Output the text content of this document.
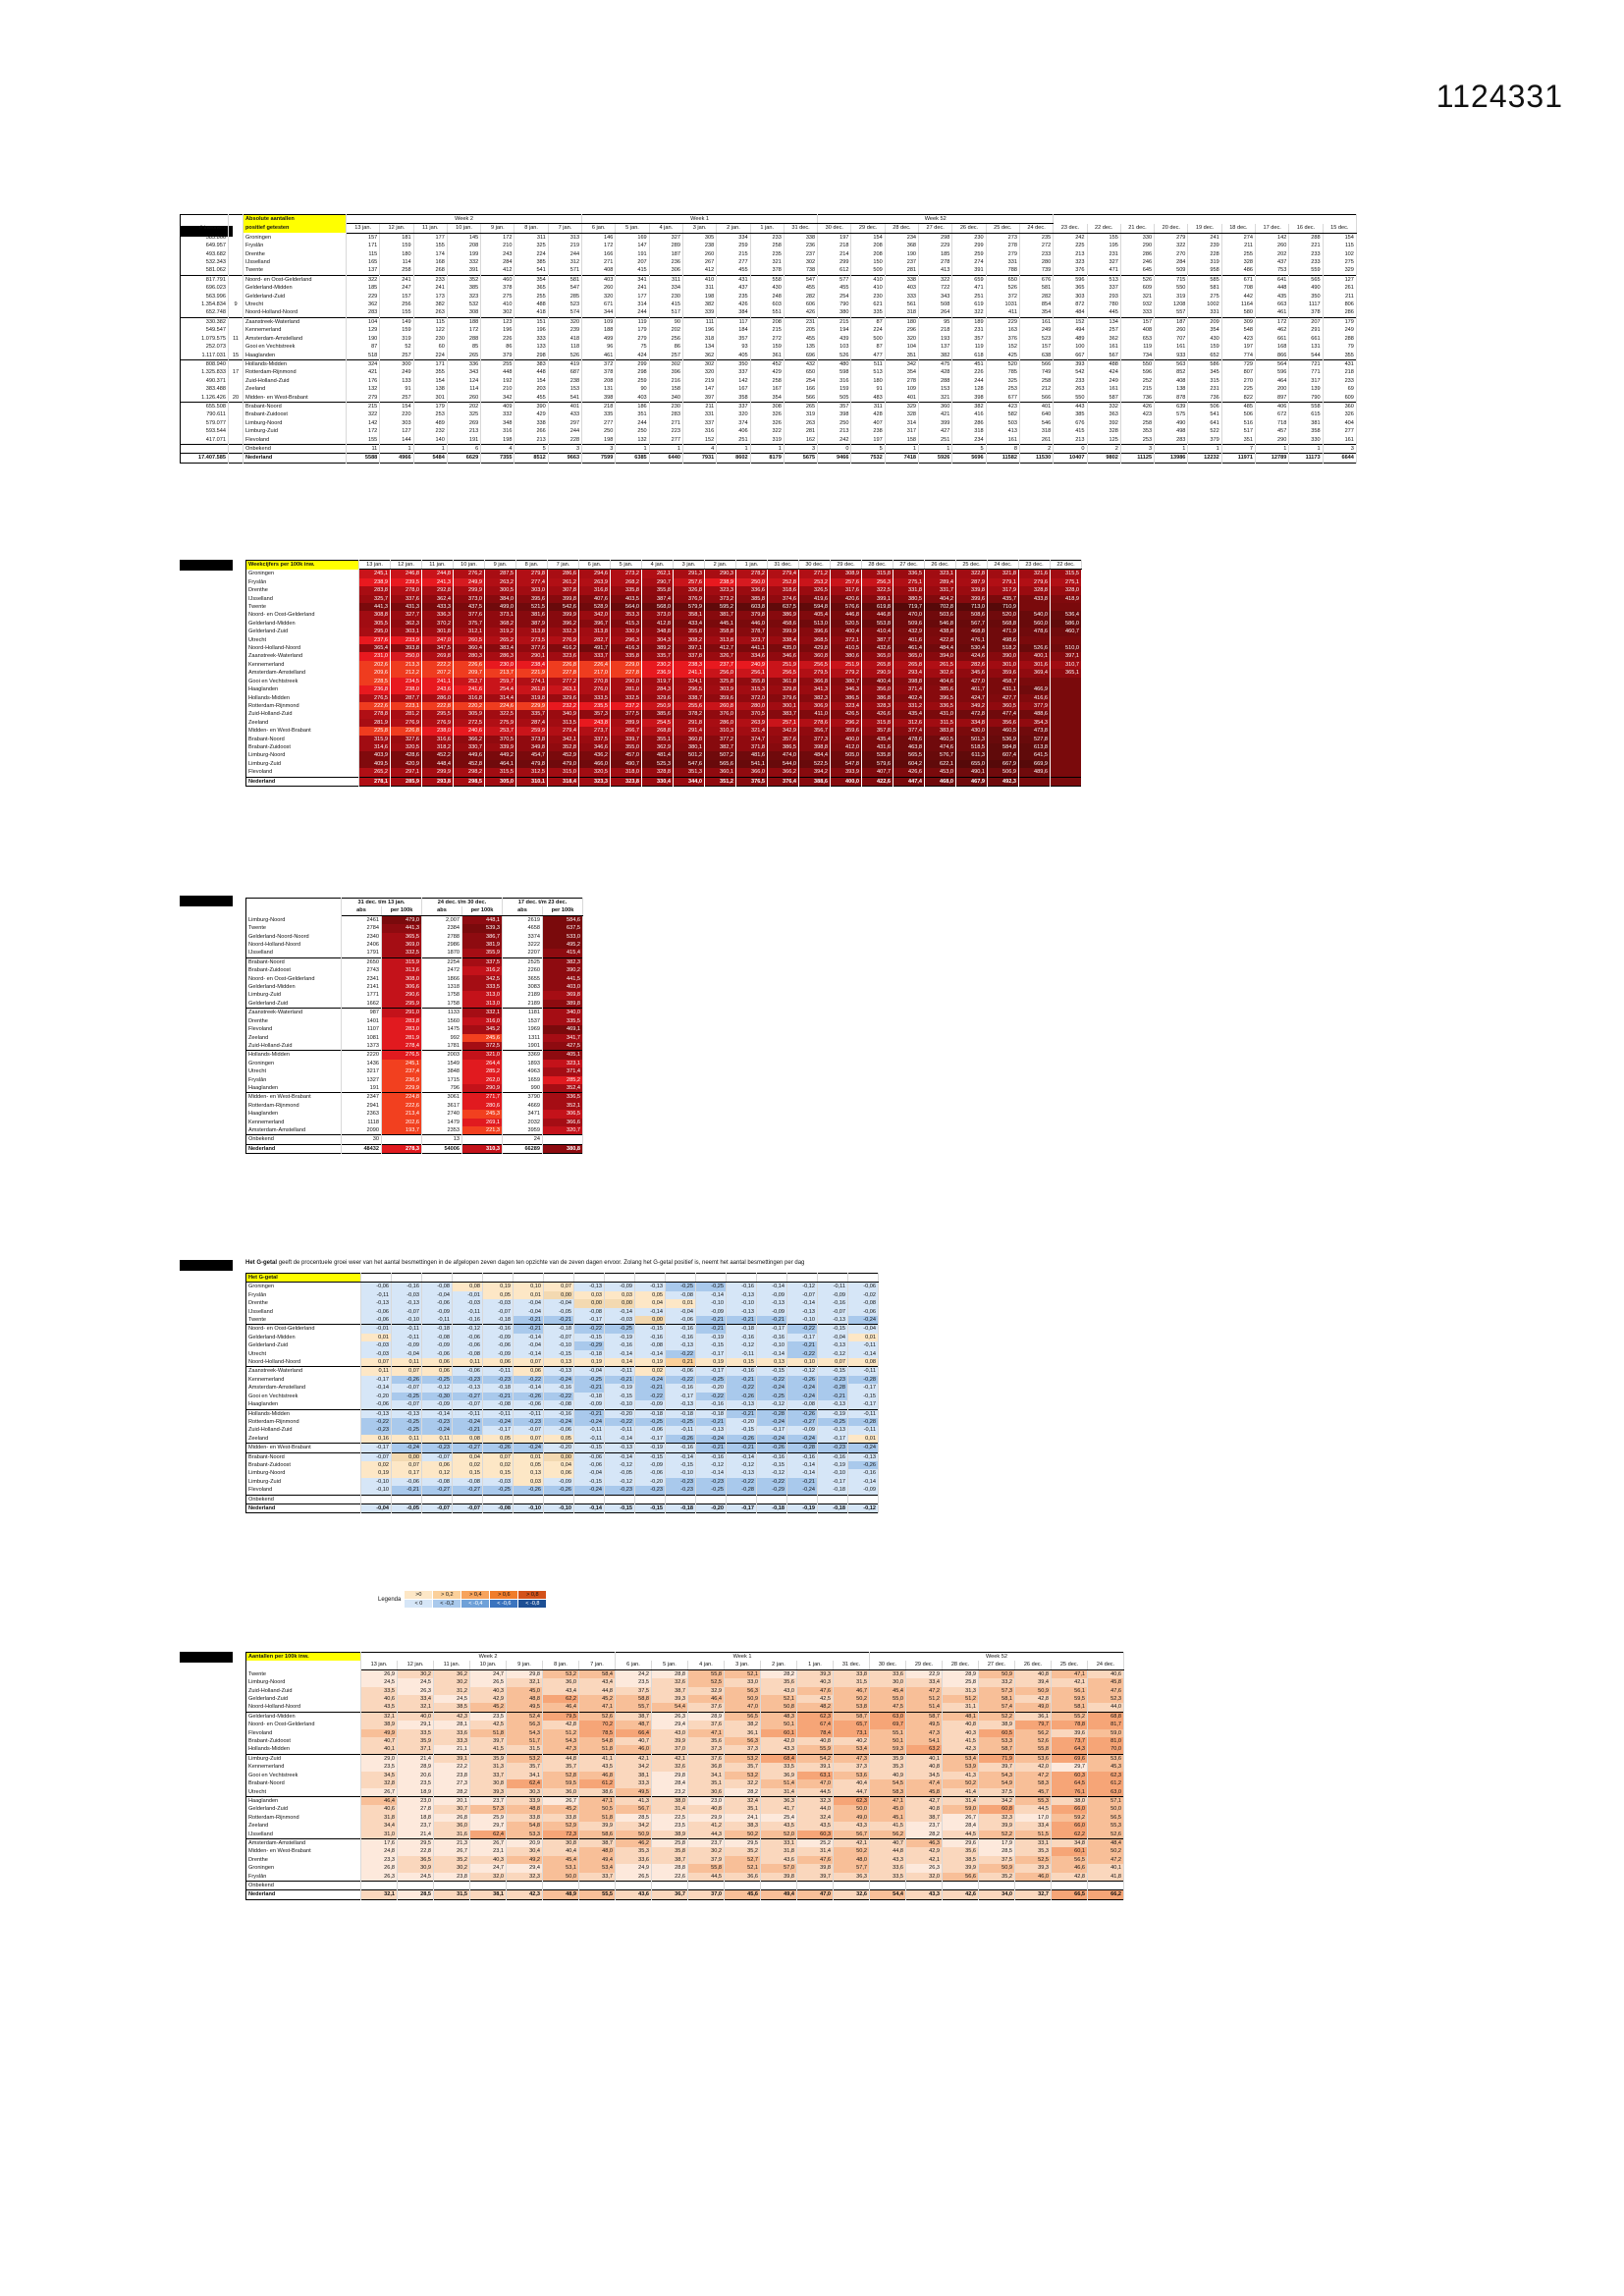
1124331
		Absolute aantallen	Week 2							Week 1							Week 52															
# inwoners		positief getesten	13 jan.	12 jan.	11 jan.	10 jan.	9 jan.	8 jan.	7 jan.	6 jan.	5 jan.	4 jan.	3 jan.	2 jan.	1 jan.	31 dec.	30 dec.	29 dec.	28 dec.	27 dec.	26 dec.	25 dec.	24 dec.	23 dec.	22 dec.	21 dec.	20 dec.	19 dec.	18 dec.	17 dec.	16 dec.	15 dec.
585.866		Groningen	157	181	177	145	172	311	313	146	169	327	305	334	233	338	197	154	234	298	230	273	235	242	155	330	279	241	274	142	288	154
649.957		Fryslân	171	159	155	208	210	325	219	172	147	289	238	259	258	236	218	208	368	229	299	278	272	225	195	290	322	239	211	260	221	115
493.682		Drenthe	115	180	174	199	243	224	244	166	191	187	260	215	235	237	214	208	190	185	259	279	233	213	231	286	270	228	255	202	233	102
532.343		IJsselland	165	114	168	332	284	385	312	271	207	236	267	277	321	302	299	150	237	278	274	331	280	323	327	246	284	319	328	437	233	275
581.062		Twente	137	258	268	391	412	541	571	408	415	306	412	455	378	738	612	509	281	413	391	788	739	376	471	645	509	958	486	753	559	329
817.791		Noord- en Oost-Gelderland	322	241	233	352	460	354	581	403	341	311	410	431	558	547	577	410	338	322	659	650	676	596	513	526	715	585	671	641	565	127
696.023		Gelderland-Midden	185	247	241	385	378	365	547	260	241	334	311	437	430	455	455	410	403	722	471	526	581	365	337	609	550	581	708	448	490	261
563.996		Gelderland-Zuid	229	157	173	323	275	255	285	320	177	230	198	235	248	282	254	230	333	343	251	372	282	303	293	321	319	275	442	435	350	211
1.354.834	9	Utrecht	362	256	382	532	410	488	523	671	314	415	382	426	603	606	790	621	561	508	619	1031	854	872	780	932	1208	1002	1164	663	1117	806
652.748		Noord-Holland-Noord	283	155	263	308	302	418	574	344	244	517	339	384	551	426	380	335	318	264	322	411	354	484	445	333	557	331	580	461	378	286
330.382		Zaanstreek-Waterland	104	149	115	188	123	151	320	109	119	90	111	117	208	231	215	87	180	95	189	229	161	152	134	157	187	209	309	172	207	179
549.547		Kennemerland	129	159	122	172	196	196	239	188	179	202	196	184	215	205	194	224	296	218	231	163	249	494	257	408	260	354	548	462	291	249
1.079.575	11	Amsterdam-Amstelland	190	319	230	288	226	333	418	499	279	256	318	357	272	455	439	500	320	193	357	376	523	489	362	653	707	430	423	661	661	288
252.073		Gooi en Vechtstreek	87	52	60	85	86	133	118	96	75	86	134	93	159	135	103	87	104	137	119	152	157	100	161	119	161	159	197	168	131	79
1.117.031	15	Haaglanden	518	257	224	265	379	298	526	461	424	257	362	405	361	696	526	477	351	382	618	425	638	667	567	734	933	652	774	866	544	355
808.940		Hollands-Midden	324	300	171	336	255	383	419	372	299	302	302	350	452	432	480	511	342	475	451	520	566	393	488	550	563	586	729	564	721	431
1.325.833	17	Rotterdam-Rijnmond	421	249	355	343	448	448	687	378	298	396	320	337	429	650	598	513	354	428	226	785	749	542	424	596	852	345	807	596	771	218
490.371		Zuid-Holland-Zuid	176	133	154	124	192	154	238	208	259	216	219	142	258	254	316	180	278	288	244	325	258	233	249	252	408	315	270	464	317	233
383.488		Zeeland	132	91	138	114	210	203	153	131	90	158	147	167	167	166	159	91	109	153	128	253	212	263	161	215	138	231	225	200	139	69
1.126.426	20	Midden- en West-Brabant	279	257	301	260	342	455	541	398	403	340	397	358	354	566	505	483	401	321	398	677	566	550	587	736	878	736	822	897	790	609
655.508		Brabant-Noord	215	154	179	202	409	390	401	218	186	230	211	337	308	265	357	311	329	360	382	423	401	443	332	426	639	506	485	406	558	360
790.611		Brabant-Zuidoost	322	220	253	325	332	429	433	335	351	283	331	320	326	319	398	428	328	421	416	582	640	385	363	423	575	541	506	672	615	326
579.077		Limburg-Noord	142	303	489	269	348	338	297	277	244	271	337	374	326	263	250	407	314	399	286	503	546	676	392	258	490	641	516	718	381	404
593.544		Limburg-Zuid	172	127	232	213	316	266	244	250	250	223	316	406	322	281	213	238	317	427	318	413	318	415	328	353	498	522	517	457	358	277
417.071		Flevoland	155	144	140	191	198	213	228	198	132	277	152	251	319	162	242	197	158	251	234	161	261	213	125	253	283	379	351	290	330	161
		Onbekend	11	1	1	6	4	5	3	3	1	1	4	1	1	3	0	5	1	1	5	8	2	0	2	3	1	1	7	1	1	3
17.407.585		Nederland	5588	4966	5484	6629	7355	8512	9663	7599	6385	6440	7931	8602	8179	5675	9466	7532	7418	5926	5696	11582	11530	10407	9802	11125	13986	12232	11971	12789	11173	6644
Weekcijfers per 100k inw.	13 jan.	12 jan.	11 jan.	10 jan.	9 jan.	8 jan.	7 jan.	6 jan.	5 jan.	4 jan.	3 jan.	2 jan.	1 jan.	31 dec.	30 dec.	29 dec.	28 dec.	27 dec.	26 dec.	25 dec.	24 dec.	23 dec.	22 dec.
Groningen	245,1	246,8	244,8	276,2	287,5	279,8	286,6	294,6	273,2	262,1	291,3	290,3	278,2	279,4	271,2	308,9	315,8	336,5	323,1	322,8	321,8	321,6	315,5
Fryslân	238,9	239,5	241,3	249,9	263,2	277,4	261,2	263,9	268,2	290,7	257,6	238,9	250,0	252,8	253,2	257,6	256,3	275,1	289,4	287,9	279,1	279,6	275,1
Drenthe	283,8	278,0	292,8	299,9	300,5	303,0	307,8	316,8	335,8	355,8	326,8	323,3	336,6	318,6	326,5	317,6	322,5	331,8	331,7	339,8	317,9	328,8	328,0
IJsselland	325,7	337,6	362,4	373,0	384,0	395,6	399,8	407,6	403,5	387,4	376,9	373,2	385,8	374,6	419,6	420,6	399,1	380,5	404,2	399,6	435,7	433,8	418,9
Twente	441,3	431,3	433,3	437,5	499,0	521,5	542,6	528,9	564,0	568,0	579,9	595,2	603,8	637,5	594,8	576,6	619,8	719,7	702,8	713,0	710,9		
Noord- en Oost-Gelderland	308,8	327,7	336,3	377,6	373,1	381,6	399,9	342,0	353,3	373,0	358,1	381,7	379,8	386,9	405,4	446,8	446,8	470,0	503,6	508,6	520,0	540,0	536,4
Gelderland-Midden	305,5	362,3	370,2	375,7	368,2	387,9	396,2	396,7	415,3	412,8	433,4	445,1	446,0	458,6	513,0	520,5	553,8	509,6	546,8	567,7	568,8	560,0	586,0
Gelderland-Zuid	295,0	303,1	301,8	312,1	319,2	313,8	332,3	313,8	330,9	348,8	355,8	358,8	378,7	399,9	396,6	400,4	410,4	432,9	438,8	468,8	471,9	478,6	460,7
Utrecht	237,6	233,9	247,0	260,5	265,2	273,5	276,9	282,7	296,3	304,3	308,2	313,8	323,7	338,4	368,5	372,1	387,7	401,6	422,8	476,1	498,6		
Noord-Holland-Noord	365,4	393,8	347,5	360,4	383,4	377,6	416,2	491,7	416,3	389,2	397,1	412,7	441,1	435,0	429,8	410,5	432,6	461,4	484,4	530,4	518,2	526,6	510,0
Zaanstreek-Waterland	231,0	250,0	269,8	280,3	286,3	290,1	323,6	333,7	335,8	335,7	337,8	326,7	334,6	346,6	360,8	380,6	365,0	365,0	394,0	424,6	390,0	400,1	397,1
Kennemerland	202,6	213,3	222,2	226,6	230,0	238,4	226,8	226,4	229,0	230,2	238,3	237,7	240,9	251,9	256,5	251,9	265,8	265,8	261,5	282,6	301,0	301,6	310,7
Amsterdam-Amstelland	209,6	212,2	207,2	209,7	213,7	221,9	227,8	217,0	227,8	236,9	241,1	256,0	256,1	256,5	279,5	279,2	290,9	293,4	302,6	345,6	359,6	369,4	365,1
Gooi en Vechtstreek	228,5	234,5	241,1	252,7	259,7	274,1	277,2	270,8	290,0	319,7	324,1	325,8	355,8	361,8	366,8	380,7	400,4	398,8	404,6	427,0	458,7		
Haaglanden	236,8	238,0	243,6	241,6	254,4	261,8	263,1	276,0	281,0	284,3	296,5	303,9	315,3	329,8	341,3	346,3	356,0	371,4	385,6	401,7	431,1	466,9	
Hollands-Midden	276,5	287,7	286,0	316,8	314,4	319,8	329,6	333,5	332,5	329,6	338,7	359,6	372,0	379,6	382,3	386,5	386,8	402,4	396,5	424,7	427,7	416,6	
Rotterdam-Rijnmond	222,6	223,1	222,8	220,2	224,6	229,9	232,2	235,5	237,2	250,9	255,6	260,8	280,0	300,1	306,9	323,4	328,3	331,2	336,5	349,2	360,5	377,9	
Zuid-Holland-Zuid	278,8	281,2	295,5	305,9	322,5	335,7	340,9	357,3	377,5	385,6	378,2	376,0	370,5	383,7	411,0	426,5	426,6	435,4	431,0	472,8	477,4	488,6	
Zeeland	281,9	276,9	276,9	272,5	275,9	287,4	313,5	243,8	289,9	254,5	291,8	286,0	263,9	257,1	278,6	296,2	315,8	312,6	311,5	334,8	356,6	354,3	
Midden- en West-Brabant	225,8	226,8	238,0	240,6	253,7	259,9	279,4	273,7	266,7	268,8	291,4	310,3	321,4	342,9	356,7	359,6	357,8	377,4	383,8	430,0	460,5	473,8	
Brabant-Noord	315,9	327,6	316,6	366,2	370,5	373,8	342,1	337,5	339,7	355,1	360,8	377,2	374,7	357,6	377,3	400,0	435,4	478,6	460,5	501,3	536,9	527,8	
Brabant-Zuidoost	314,6	320,5	318,2	330,7	339,9	349,8	352,8	346,6	355,0	362,9	380,1	382,7	371,8	386,5	398,8	412,0	431,6	463,8	474,6	518,5	584,8	613,8	
Limburg-Noord	403,9	428,6	452,2	449,6	449,2	454,7	452,9	436,2	457,0	481,4	501,2	507,2	481,6	474,0	484,4	505,0	535,8	565,5	576,7	611,3	607,4	641,5	
Limburg-Zuid	409,5	420,9	448,4	452,8	464,1	479,8	479,0	466,0	490,7	525,3	547,6	565,6	541,1	544,0	522,5	547,8	579,6	604,2	622,1	655,0	667,9	669,9	
Flevoland	265,2	297,1	299,9	298,2	315,5	312,5	315,0	320,5	318,0	328,8	351,3	360,1	366,0	366,2	394,2	393,9	407,7	426,6	453,0	490,1	506,9	489,6	
Nederland	278,1	285,9	293,8	298,5	305,0	310,1	318,4	323,3	323,8	330,4	344,0	351,2	376,5	376,4	388,6	400,0	422,6	447,4	468,0	467,9	492,3		
	31 dec. t/m 13 jan.		24 dec. t/m 30 dec.		17 dec. t/m 23 dec.	
	abs	per 100k	abs	per 100k	abs	per 100k
Limburg-Noord	2461	479,0	2,007	448,1	2619	584,6
Twente	2784	441,3	2384	539,3	4658	637,5
Gelderland-Noord-Noord	2340	365,5	2788	386,7	3374	533,0
Noord-Holland-Noord	2406	369,0	2986	381,9	3222	495,2
IJsselland	1791	332,5	1870	355,9	2207	415,4
Brabant-Noord	2650	315,9	2254	337,5	2525	382,3
Brabant-Zuidoost	2743	313,6	2472	316,2	2260	390,2
Noord- en Oost-Gelderland	2341	308,0	1866	342,5	3655	441,5
Gelderland-Midden	2141	306,6	1318	333,5	3083	403,0
Limburg-Zuid	1771	290,6	1758	313,0	2189	369,8
Gelderland-Zuid	1662	295,9	1758	313,0	2189	389,8
Zaanstreek-Waterland	987	291,0	1133	332,1	1181	340,0
Drenthe	1401	283,8	1560	316,0	1537	335,5
Flevoland	1107	283,0	1475	345,2	1969	469,1
Zeeland	1081	281,9	992	245,6	1311	341,7
Zuid-Holland-Zuid	1373	278,4	1781	372,5	1901	427,5
Hollands-Midden	2220	276,5	2003	321,0	3369	405,1
Groningen	1436	245,1	1549	264,4	1893	323,1
Utrecht	3217	237,4	3848	285,2	4963	371,4
Fryslân	1327	236,9	1715	262,0	1659	285,2
Haaglanden	191	229,9	796	290,9	990	352,4
Midden- en West-Brabant	2347	224,8	3061	271,7	3790	336,5
Rotterdam-Rijnmond	2941	222,6	3617	280,6	4669	352,1
Haaglanden	2363	213,4	2740	245,3	3471	306,5
Kennemerland	1118	202,6	1479	269,1	2032	366,6
Amsterdam-Amstelland	2090	193,7	2353	221,3	3959	320,7
Onbekend	30		13		24	
Nederland	48432	278,3	54006	310,3	66289	380,8
Het G-getal geeft de procentuele groei weer van het aantal besmettingen in de afgelopen zeven dagen ten opzichte van de zeven dagen ervoor. Zolang het G-getal positief is, neemt het aantal besmettingen per dag
Het G-getal																	
Groningen	-0,06	-0,16	-0,08	0,08	0,19	0,10	0,07	-0,13	-0,09	-0,13	-0,25	-0,25	-0,16	-0,14	-0,12	-0,11	-0,06
Fryslân	-0,11	-0,03	-0,04	-0,01	0,05	0,01	0,00	0,03	0,03	0,05	-0,08	-0,14	-0,13	-0,09	-0,07	-0,09	-0,02
Drenthe	-0,13	-0,13	-0,06	-0,03	-0,03	-0,04	-0,04	0,00	0,00	0,04	0,01	-0,10	-0,10	-0,13	-0,14	-0,16	-0,08
IJsselland	-0,06	-0,07	-0,09	-0,11	-0,07	-0,04	-0,05	-0,08	-0,14	-0,14	-0,04	-0,09	-0,13	-0,09	-0,13	-0,07	-0,06
Twente	-0,06	-0,10	-0,11	-0,16	-0,18	-0,21	-0,21	-0,17	-0,03	0,00	-0,06	-0,21	-0,21	-0,21	-0,10	-0,13	-0,24
Noord- en Oost-Gelderland	-0,01	-0,11	-0,18	-0,12	-0,16	-0,21	-0,18	-0,22	-0,25	-0,15	-0,16	-0,21	-0,18	-0,17	-0,22	-0,15	-0,04
Gelderland-Midden	0,01	-0,11	-0,08	-0,06	-0,09	-0,14	-0,07	-0,15	-0,19	-0,16	-0,16	-0,19	-0,16	-0,16	-0,17	-0,04	0,01
Gelderland-Zuid	-0,03	-0,09	-0,09	-0,06	-0,06	-0,04	-0,10	-0,29	-0,16	-0,08	-0,13	-0,15	-0,12	-0,10	-0,21	-0,13	-0,11
Utrecht	-0,03	-0,04	-0,06	-0,08	-0,09	-0,14	-0,15	-0,18	-0,14	-0,14	-0,22	-0,17	-0,11	-0,14	-0,22	-0,12	-0,14
Noord-Holland-Noord	0,07	0,11	0,06	0,11	0,06	0,07	0,13	0,19	0,14	0,19	0,21	0,19	0,15	0,13	0,10	0,07	0,08
Zaanstreek-Waterland	0,11	0,07	0,06	-0,06	-0,11	0,06	-0,13	-0,04	-0,11	0,02	-0,06	-0,17	-0,16	-0,15	-0,12	-0,15	-0,11
Kennemerland	-0,17	-0,26	-0,25	-0,23	-0,23	-0,22	-0,24	-0,25	-0,21	-0,24	-0,22	-0,25	-0,21	-0,22	-0,26	-0,23	-0,28
Amsterdam-Amstelland	-0,14	-0,07	-0,12	-0,13	-0,18	-0,14	-0,16	-0,21	-0,19	-0,21	-0,16	-0,20	-0,22	-0,24	-0,24	-0,28	-0,17
Gooi en Vechtstreek	-0,20	-0,25	-0,30	-0,27	-0,21	-0,26	-0,22	-0,18	-0,15	-0,22	-0,17	-0,22	-0,26	-0,25	-0,24	-0,21	-0,15
Haaglanden	-0,06	-0,07	-0,09	-0,07	-0,08	-0,06	-0,08	-0,09	-0,10	-0,09	-0,13	-0,16	-0,13	-0,12	-0,08	-0,13	-0,17
Hollands-Midden	-0,13	-0,13	-0,14	-0,11	-0,11	-0,11	-0,16	-0,21	-0,20	-0,18	-0,18	-0,18	-0,21	-0,28	-0,26	-0,19	-0,11
Rotterdam-Rijnmond	-0,22	-0,25	-0,23	-0,24	-0,24	-0,23	-0,24	-0,24	-0,22	-0,25	-0,25	-0,21	-0,20	-0,24	-0,27	-0,25	-0,28
Zuid-Holland-Zuid	-0,23	-0,25	-0,24	-0,21	-0,17	-0,07	-0,06	-0,11	-0,11	-0,06	-0,11	-0,13	-0,15	-0,17	-0,09	-0,13	-0,11
Zeeland	0,16	0,11	0,11	0,08	0,05	0,07	0,05	-0,11	-0,14	-0,17	-0,26	-0,24	-0,26	-0,24	-0,24	-0,17	0,01
Midden- en West-Brabant	-0,17	-0,24	-0,23	-0,27	-0,26	-0,24	-0,20	-0,15	-0,13	-0,19	-0,16	-0,21	-0,21	-0,26	-0,28	-0,23	-0,24
Brabant-Noord	-0,07	0,00	-0,07	0,04	0,07	0,01	0,00	-0,06	-0,14	-0,15	-0,14	-0,16	-0,14	-0,16	-0,16	-0,16	-0,13
Brabant-Zuidoost	0,02	0,07	0,06	0,02	0,02	0,05	0,04	-0,06	-0,12	-0,09	-0,15	-0,12	-0,12	-0,15	-0,14	-0,19	-0,26
Limburg-Noord	0,19	0,17	0,12	0,15	0,15	0,13	0,06	-0,04	-0,05	-0,06	-0,10	-0,14	-0,13	-0,12	-0,14	-0,10	-0,16
Limburg-Zuid	-0,10	-0,06	-0,08	-0,08	-0,03	0,03	-0,09	-0,15	-0,12	-0,20	-0,23	-0,23	-0,22	-0,22	-0,21	-0,17	-0,14
Flevoland	-0,10	-0,21	-0,27	-0,27	-0,25	-0,26	-0,26	-0,24	-0,23	-0,23	-0,23	-0,25	-0,28	-0,29	-0,24	-0,18	-0,09
Onbekend																	
Nederland	-0,04	-0,05	-0,07	-0,07	-0,08	-0,10	-0,10	-0,14	-0,15	-0,15	-0,18	-0,20	-0,17	-0,18	-0,19	-0,18	-0,12
Legenda
>0	> 0,2	> 0,4	> 0,6	> 0,8
< 0	< -0,2	< -0,4	< -0,6	< -0,8
Aantallen per 100k inw.	Week 2							Week 1							Week 52						
	13 jan.	12 jan.	11 jan.	10 jan.	9 jan.	8 jan.	7 jan.	6 jan.	5 jan.	4 jan.	3 jan.	2 jan.	1 jan.	31 dec.	30 dec.	29 dec.	28 dec.	27 dec.	26 dec.	25 dec.	24 dec.
Twente	26,9	30,2	36,2	24,7	29,8	53,2	58,4	24,2	28,8	55,8	52,1	28,2	39,3	33,8	33,6	22,9	28,9	50,9	40,8	47,1	40,6
Limburg-Noord	24,5	24,5	30,2	26,5	32,1	36,0	43,4	23,5	32,6	52,5	33,0	35,6	40,3	31,5	30,0	33,4	25,8	33,2	39,4	42,1	45,8
Zuid-Holland-Zuid	33,5	26,3	31,2	40,3	45,0	43,4	44,8	37,5	38,7	32,9	56,3	43,0	47,6	46,7	45,4	47,2	31,3	57,3	50,9	56,1	47,6
Gelderland-Zuid	40,6	33,4	24,5	42,9	48,8	62,2	45,2	58,8	39,3	46,4	50,9	52,1	42,5	50,2	55,0	51,2	51,2	58,1	42,8	59,5	52,3
Noord-Holland-Noord	43,5	32,1	38,5	45,2	49,5	46,4	47,1	55,7	54,4	37,6	47,0	50,8	48,2	53,8	47,5	51,4	31,1	57,4	49,0	58,1	44,0
Gelderland-Midden	32,1	40,0	42,3	23,5	52,4	79,5	52,6	38,7	26,3	28,9	56,5	48,3	62,3	58,7	63,0	58,7	48,1	52,2	36,1	55,2	68,8
Noord- en Oost-Gelderland	38,9	29,1	28,1	42,5	56,3	42,8	70,2	48,7	29,4	37,6	38,2	50,1	67,4	65,7	69,7	49,5	40,8	38,9	79,7	78,8	81,7
Flevoland	49,9	33,5	33,6	51,8	54,3	51,2	78,5	66,4	43,0	47,1	36,1	60,1	78,4	73,1	55,1	47,3	40,3	60,5	56,2	39,6	59,0
Brabant-Zuidoost	40,7	35,9	33,3	39,7	51,7	54,3	54,8	40,7	39,9	35,6	56,3	42,0	40,8	40,2	50,1	54,1	41,5	53,3	52,6	73,7	81,0
Hollands-Midden	40,1	37,1	21,1	41,5	31,5	47,3	51,8	46,0	37,0	37,3	37,3	43,3	55,9	53,4	59,3	63,2	42,3	58,7	55,8	64,3	70,0
Limburg-Zuid	29,0	21,4	39,1	35,9	53,2	44,8	41,1	42,1	42,1	37,6	53,2	68,4	54,2	47,3	35,9	40,1	53,4	71,9	53,6	69,6	53,6
Kennemerland	23,5	28,9	22,2	31,3	35,7	35,7	43,5	34,2	32,6	36,8	35,7	33,5	39,1	37,3	35,3	40,8	53,9	39,7	42,0	29,7	45,3
Gooi en Vechtstreek	34,5	20,6	23,8	33,7	34,1	52,8	46,8	38,1	29,8	34,1	53,2	36,9	63,1	53,6	40,9	34,5	41,3	54,3	47,2	60,3	62,3
Brabant-Noord	32,8	23,5	27,3	30,8	62,4	59,5	61,2	33,3	28,4	35,1	32,2	51,4	47,0	40,4	54,5	47,4	50,2	54,9	58,3	64,5	61,2
Utrecht	26,7	18,9	28,2	39,3	30,3	36,0	38,6	49,5	23,2	30,6	28,2	31,4	44,5	44,7	58,3	45,8	41,4	37,5	45,7	76,1	63,0
Haaglanden	46,4	23,0	20,1	23,7	33,9	26,7	47,1	41,3	38,0	23,0	32,4	36,3	32,3	62,3	47,1	42,7	31,4	34,2	55,3	38,0	57,1
Gelderland-Zuid	40,6	27,8	30,7	57,3	48,8	45,2	50,5	56,7	31,4	40,8	35,1	41,7	44,0	50,0	45,0	40,8	59,0	60,8	44,5	66,0	50,0
Rotterdam-Rijnmond	31,8	18,8	26,8	25,9	33,8	33,8	51,8	28,5	22,5	29,9	24,1	25,4	32,4	49,0	45,1	38,7	26,7	32,3	17,0	59,2	56,5
Zeeland	34,4	23,7	36,0	29,7	54,8	52,9	39,9	34,2	23,5	41,2	38,3	43,5	43,5	43,3	41,5	23,7	28,4	39,9	33,4	66,0	55,3
IJsselland	31,0	21,4	31,6	62,4	53,3	72,3	58,6	50,9	38,9	44,3	50,2	52,0	60,3	56,7	56,2	28,2	44,5	52,2	51,5	62,2	52,6
Amsterdam-Amstelland	17,6	29,5	21,3	26,7	20,9	30,8	38,7	46,2	25,8	23,7	29,5	33,1	25,2	42,1	40,7	46,3	29,6	17,9	33,1	34,8	48,4
Midden- en West-Brabant	24,8	22,8	26,7	23,1	30,4	40,4	48,0	35,3	35,8	30,2	35,2	31,8	31,4	50,2	44,8	42,9	35,6	28,5	35,3	60,1	50,2
Drenthe	23,3	36,5	35,2	40,3	49,2	45,4	49,4	33,6	38,7	37,9	52,7	43,6	47,6	48,0	43,3	42,1	38,5	37,5	52,5	56,5	47,2
Groningen	26,8	30,9	30,2	24,7	29,4	53,1	53,4	24,9	28,8	55,8	52,1	57,0	39,8	57,7	33,6	26,3	39,9	50,9	39,3	46,6	40,1
Fryslân	26,3	24,5	23,8	32,0	32,3	50,0	33,7	26,5	22,6	44,5	36,6	39,8	39,7	36,3	33,5	32,0	56,6	35,2	46,0	42,8	41,8
Onbekend																					
Nederland	32,1	28,5	31,5	38,1	42,3	48,9	55,5	43,6	36,7	37,0	45,6	49,4	47,0	32,6	54,4	43,3	42,6	34,0	32,7	66,5	66,2
